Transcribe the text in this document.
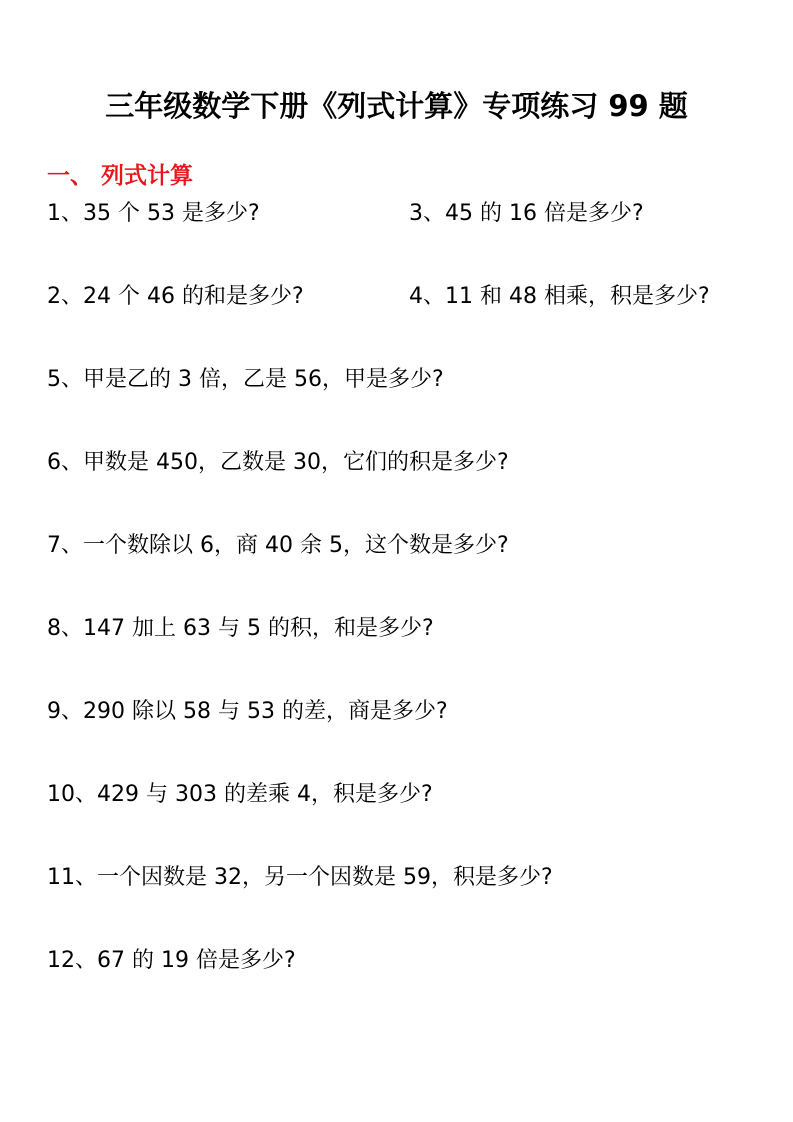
三年级数学下册《列式计算》专项练习 99 题
一、 列式计算
1、35 个 53 是多少?	3、45 的 16 倍是多少?
2、24 个 46 的和是多少?	4、11 和 48 相乘，积是多少?
5、甲是乙的 3 倍，乙是 56，甲是多少?
6、甲数是 450，乙数是 30，它们的积是多少?
7、一个数除以 6，商 40 余 5，这个数是多少?
8、147 加上 63 与 5 的积，和是多少?
9、290 除以 58 与 53 的差，商是多少?
10、429 与 303 的差乘 4，积是多少?
11、一个因数是 32，另一个因数是 59，积是多少?
12、67 的 19 倍是多少?
